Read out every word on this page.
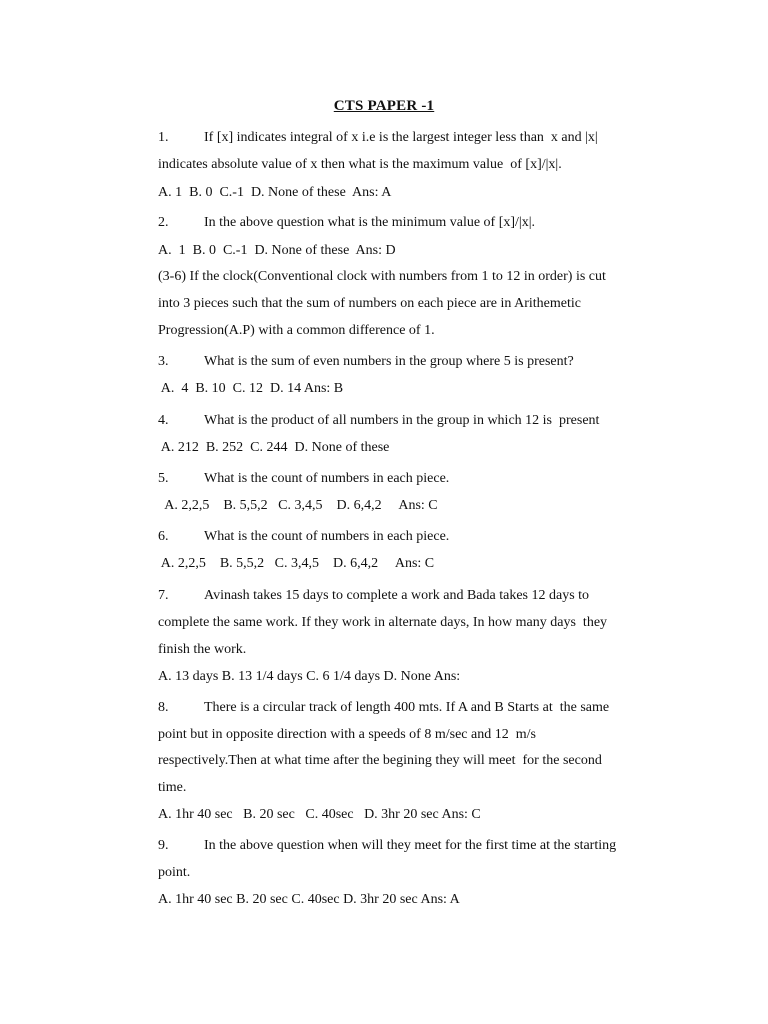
CTS PAPER -1
1.	If [x] indicates integral of x i.e is the largest integer less than  x and |x|
indicates absolute value of x then what is the maximum value  of [x]/|x|.
A. 1  B. 0  C.-1  D. None of these  Ans: A
2.	In the above question what is the minimum value of [x]/|x|.
A.  1  B. 0  C.-1  D. None of these  Ans: D
(3-6) If the clock(Conventional clock with numbers from 1 to 12 in order) is cut
into 3 pieces such that the sum of numbers on each piece are in Arithemetic
Progression(A.P) with a common difference of 1.
3.	What is the sum of even numbers in the group where 5 is present?
A.  4  B. 10  C. 12  D. 14 Ans: B
4.	What is the product of all numbers in the group in which 12 is  present
A. 212  B. 252  C. 244  D. None of these
5.	What is the count of numbers in each piece.
A. 2,2,5    B. 5,5,2   C. 3,4,5    D. 6,4,2     Ans: C
6.	What is the count of numbers in each piece.
A. 2,2,5    B. 5,5,2   C. 3,4,5    D. 6,4,2     Ans: C
7.	Avinash takes 15 days to complete a work and Bada takes 12 days to
complete the same work. If they work in alternate days, In how many days  they
finish the work.
A. 13 days B. 13 1/4 days C. 6 1/4 days D. None Ans:
8.	There is a circular track of length 400 mts. If A and B Starts at  the same
point but in opposite direction with a speeds of 8 m/sec and 12  m/s
respectively.Then at what time after the begining they will meet  for the second
time.
A. 1hr 40 sec   B. 20 sec   C. 40sec   D. 3hr 20 sec Ans: C
9.	In the above question when will they meet for the first time at the starting
point.
A. 1hr 40 sec B. 20 sec C. 40sec D. 3hr 20 sec Ans: A
